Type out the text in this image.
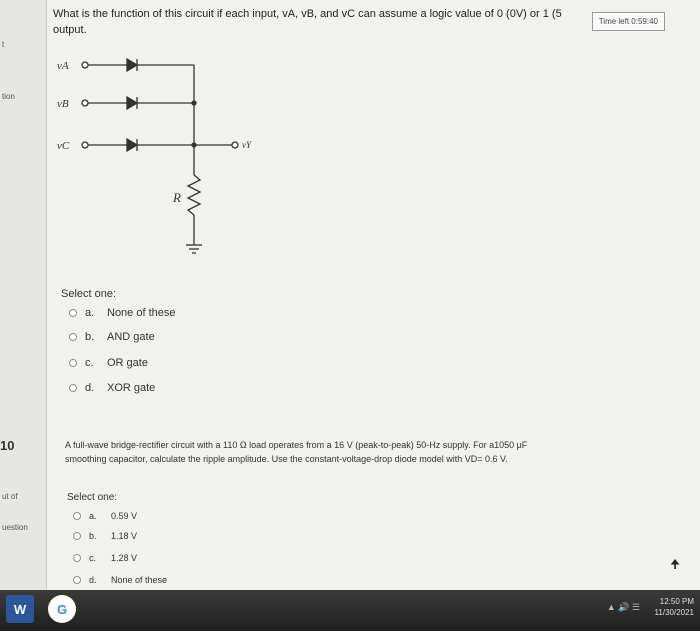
t
tion
10
ut of
uestion
What is the function of this circuit if each input, vA, vB, and vC can assume a logic value of 0 (0V) or 1 (5
output.
Time left 0:59:40
vA
vB
vC	vY
R
Select one:
a.	None of these
b.	AND gate
c.	OR gate
d.	XOR gate
A full-wave bridge-rectifier circuit with a 110 Ω load operates from a 16 V (peak-to-peak) 50-Hz supply. For a1050 μF
smoothing capacitor, calculate the ripple amplitude. Use the constant-voltage-drop diode model with VD= 0.6 V.
Select one:
a.	0.59 V
b.	1.18 V
c.	1.28 V
d.	None of these
🠉
W G	▲ 🔊 ☰
12:50 PM
11/30/2021
